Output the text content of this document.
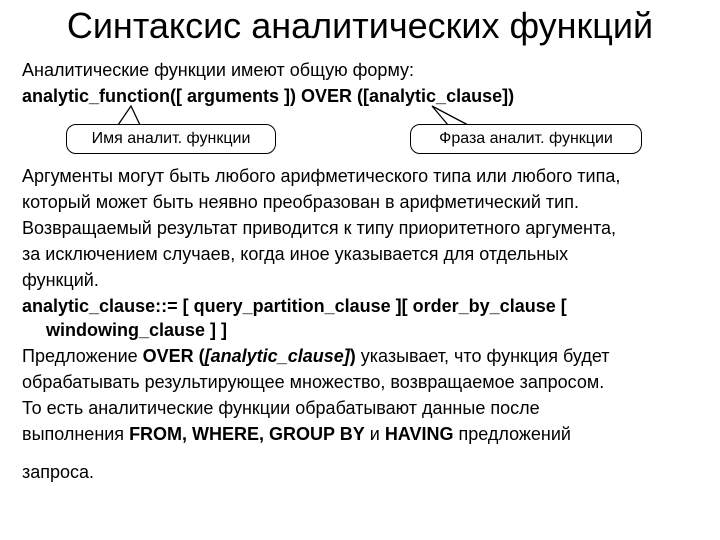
Синтаксис аналитических функций
Аналитические функции имеют общую форму:
analytic_function([ arguments ]) OVER ([analytic_clause])
Имя аналит. функции	Фраза аналит. функции
Аргументы могут быть любого арифметического типа или любого типа,
который может быть неявно преобразован в арифметический тип.
Возвращаемый результат приводится к типу приоритетного аргумента,
за исключением случаев, когда иное указывается для отдельных
функций.
analytic_clause::= [ query_partition_clause ][ order_by_clause [
windowing_clause ] ]
Предложение OVER ([analytic_clause]) указывает, что функция будет
обрабатывать результирующее множество, возвращаемое запросом.
То есть аналитические функции обрабатывают данные после
выполнения FROM, WHERE, GROUP BY и HAVING предложений
запроса.
